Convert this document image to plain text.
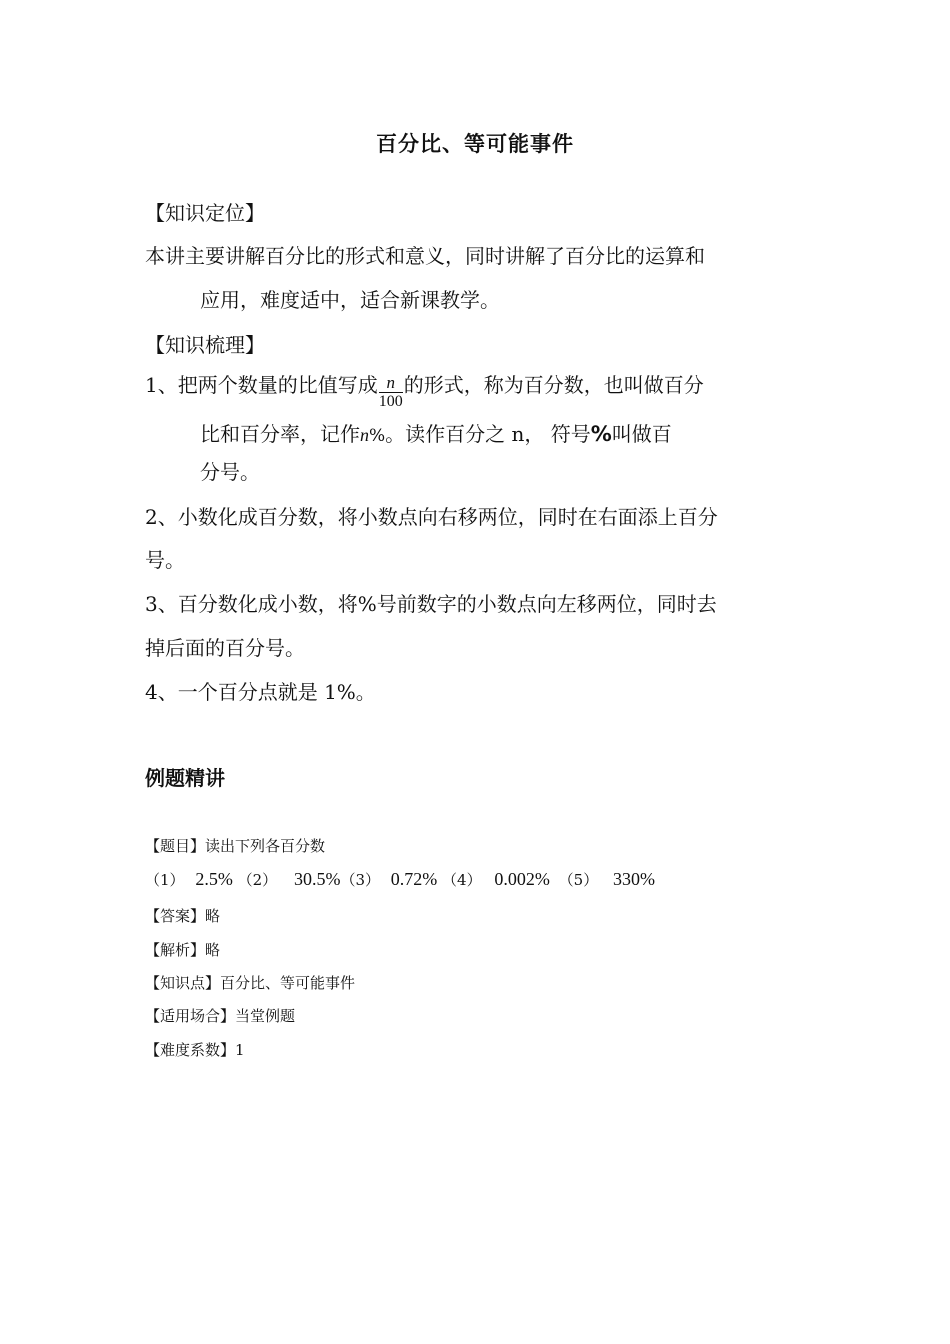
百分比、等可能事件
【知识定位】
本讲主要讲解百分比的形式和意义，同时讲解了百分比的运算和
应用，难度适中，适合新课教学。
【知识梳理】
1、把两个数量的比值写成 $\frac{n}{100}$ 的形式，称为百分数，也叫做百分
比和百分率，记作n%。读作百分之 n， 符号%叫做百
分号。
2、小数化成百分数，将小数点向右移两位，同时在右面添上百分
号。
3、百分数化成小数，将%号前数字的小数点向左移两位，同时去
掉后面的百分号。
4、一个百分点就是 1%。
例题精讲
【题目】读出下列各百分数
（1） 2.5% （2） 30.5%（3） 0.72% （4） 0.002% （5） 330%
【答案】略
【解析】略
【知识点】百分比、等可能事件
【适用场合】当堂例题
【难度系数】1
